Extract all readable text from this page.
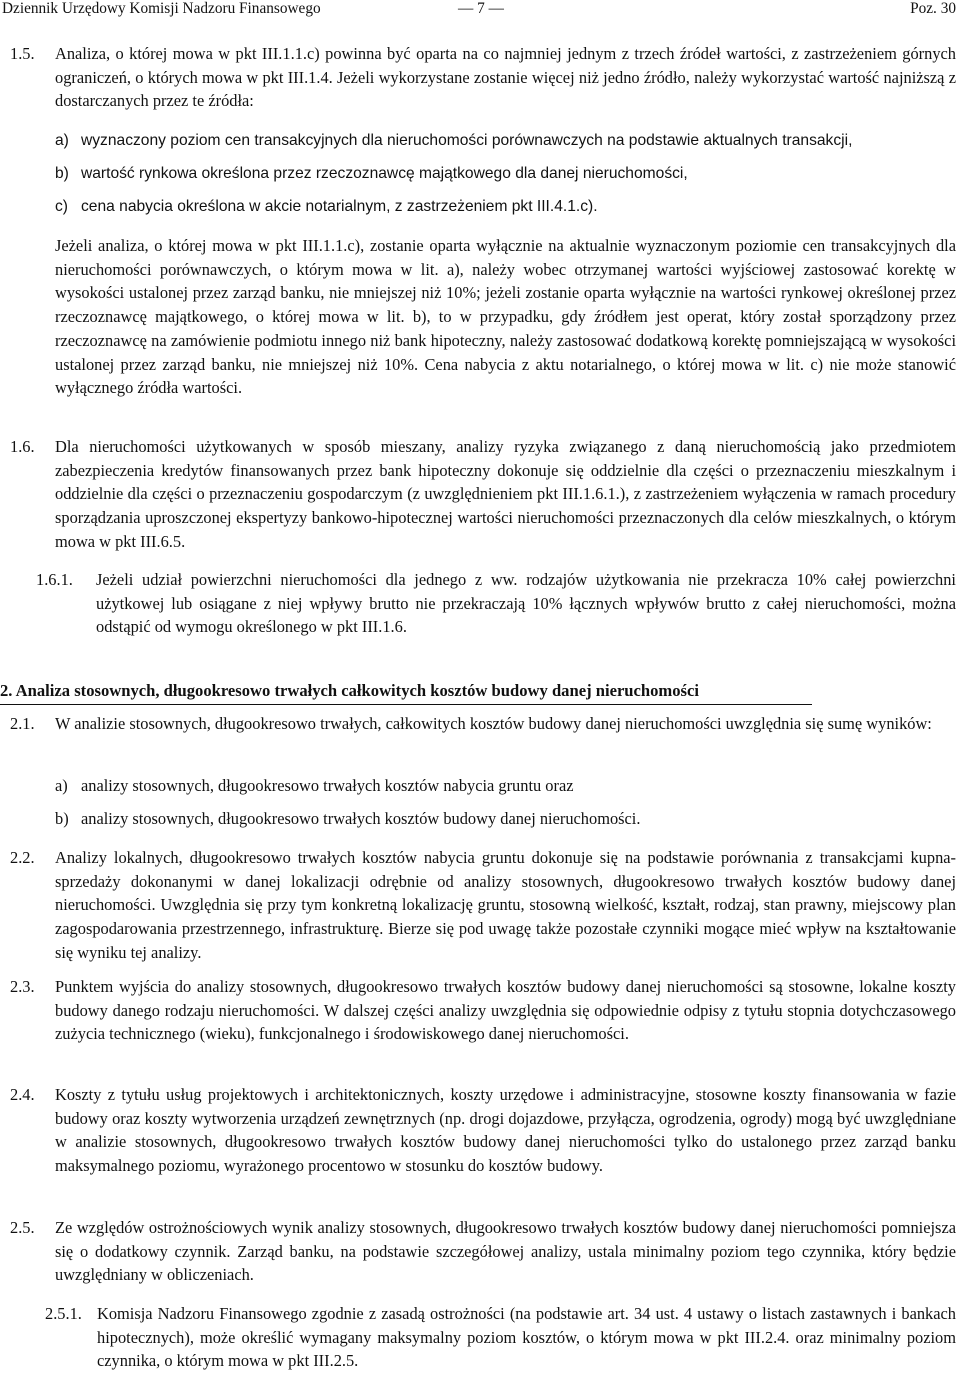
Dziennik Urzędowy Komisji Nadzoru Finansowego	— 7 —	Poz. 30
1.5. Analiza, o której mowa w pkt III.1.1.c) powinna być oparta na co najmniej jednym z trzech źródeł wartości, z zastrzeżeniem górnych ograniczeń, o których mowa w pkt III.1.4. Jeżeli wykorzystane zostanie więcej niż jedno źródło, należy wykorzystać wartość najniższą z dostarczanych przez te źródła:
a) wyznaczony poziom cen transakcyjnych dla nieruchomości porównawczych na podstawie aktualnych transakcji,
b) wartość rynkowa określona przez rzeczoznawcę majątkowego dla danej nieruchomości,
c) cena nabycia określona w akcie notarialnym, z zastrzeżeniem pkt III.4.1.c).
Jeżeli analiza, o której mowa w pkt III.1.1.c), zostanie oparta wyłącznie na aktualnie wyznaczonym poziomie cen transakcyjnych dla nieruchomości porównawczych, o którym mowa w lit. a), należy wobec otrzymanej wartości wyjściowej zastosować korektę w wysokości ustalonej przez zarząd banku, nie mniejszej niż 10%; jeżeli zostanie oparta wyłącznie na wartości rynkowej określonej przez rzeczoznawcę majątkowego, o której mowa w lit. b), to w przypadku, gdy źródłem jest operat, który został sporządzony przez rzeczoznawcę na zamówienie podmiotu innego niż bank hipoteczny, należy zastosować dodatkową korektę pomniejszającą w wysokości ustalonej przez zarząd banku, nie mniejszej niż 10%. Cena nabycia z aktu notarialnego, o której mowa w lit. c) nie może stanowić wyłącznego źródła wartości.
1.6. Dla nieruchomości użytkowanych w sposób mieszany, analizy ryzyka związanego z daną nieruchomością jako przedmiotem zabezpieczenia kredytów finansowanych przez bank hipoteczny dokonuje się oddzielnie dla części o przeznaczeniu mieszkalnym i oddzielnie dla części o przeznaczeniu gospodarczym (z uwzględnieniem pkt III.1.6.1.), z zastrzeżeniem wyłączenia w ramach procedury sporządzania uproszczonej ekspertyzy bankowo-hipotecznej wartości nieruchomości przeznaczonych dla celów mieszkalnych, o którym mowa w pkt III.6.5.
1.6.1. Jeżeli udział powierzchni nieruchomości dla jednego z ww. rodzajów użytkowania nie przekracza 10% całej powierzchni użytkowej lub osiągane z niej wpływy brutto nie przekraczają 10% łącznych wpływów brutto z całej nieruchomości, można odstąpić od wymogu określonego w pkt III.1.6.
2. Analiza stosownych, długookresowo trwałych całkowitych kosztów budowy danej nieruchomości
2.1. W analizie stosownych, długookresowo trwałych, całkowitych kosztów budowy danej nieruchomości uwzględnia się sumę wyników:
a) analizy stosownych, długookresowo trwałych kosztów nabycia gruntu oraz
b) analizy stosownych, długookresowo trwałych kosztów budowy danej nieruchomości.
2.2. Analizy lokalnych, długookresowo trwałych kosztów nabycia gruntu dokonuje się na podstawie porównania z transakcjami kupna-sprzedaży dokonanymi w danej lokalizacji odrębnie od analizy stosownych, długookresowo trwałych kosztów budowy danej nieruchomości. Uwzględnia się przy tym konkretną lokalizację gruntu, stosowną wielkość, kształt, rodzaj, stan prawny, miejscowy plan zagospodarowania przestrzennego, infrastrukturę. Bierze się pod uwagę także pozostałe czynniki mogące mieć wpływ na kształtowanie się wyniku tej analizy.
2.3. Punktem wyjścia do analizy stosownych, długookresowo trwałych kosztów budowy danej nieruchomości są stosowne, lokalne koszty budowy danego rodzaju nieruchomości. W dalszej części analizy uwzględnia się odpowiednie odpisy z tytułu stopnia dotychczasowego zużycia technicznego (wieku), funkcjonalnego i środowiskowego danej nieruchomości.
2.4. Koszty z tytułu usług projektowych i architektonicznych, koszty urzędowe i administracyjne, stosowne koszty finansowania w fazie budowy oraz koszty wytworzenia urządzeń zewnętrznych (np. drogi dojazdowe, przyłącza, ogrodzenia, ogrody) mogą być uwzględniane w analizie stosownych, długookresowo trwałych kosztów budowy danej nieruchomości tylko do ustalonego przez zarząd banku maksymalnego poziomu, wyrażonego procentowo w stosunku do kosztów budowy.
2.5. Ze względów ostrożnościowych wynik analizy stosownych, długookresowo trwałych kosztów budowy danej nieruchomości pomniejsza się o dodatkowy czynnik. Zarząd banku, na podstawie szczegółowej analizy, ustala minimalny poziom tego czynnika, który będzie uwzględniany w obliczeniach.
2.5.1. Komisja Nadzoru Finansowego zgodnie z zasadą ostrożności (na podstawie art. 34 ust. 4 ustawy o listach zastawnych i bankach hipotecznych), może określić wymagany maksymalny poziom kosztów, o którym mowa w pkt III.2.4. oraz minimalny poziom czynnika, o którym mowa w pkt III.2.5.
